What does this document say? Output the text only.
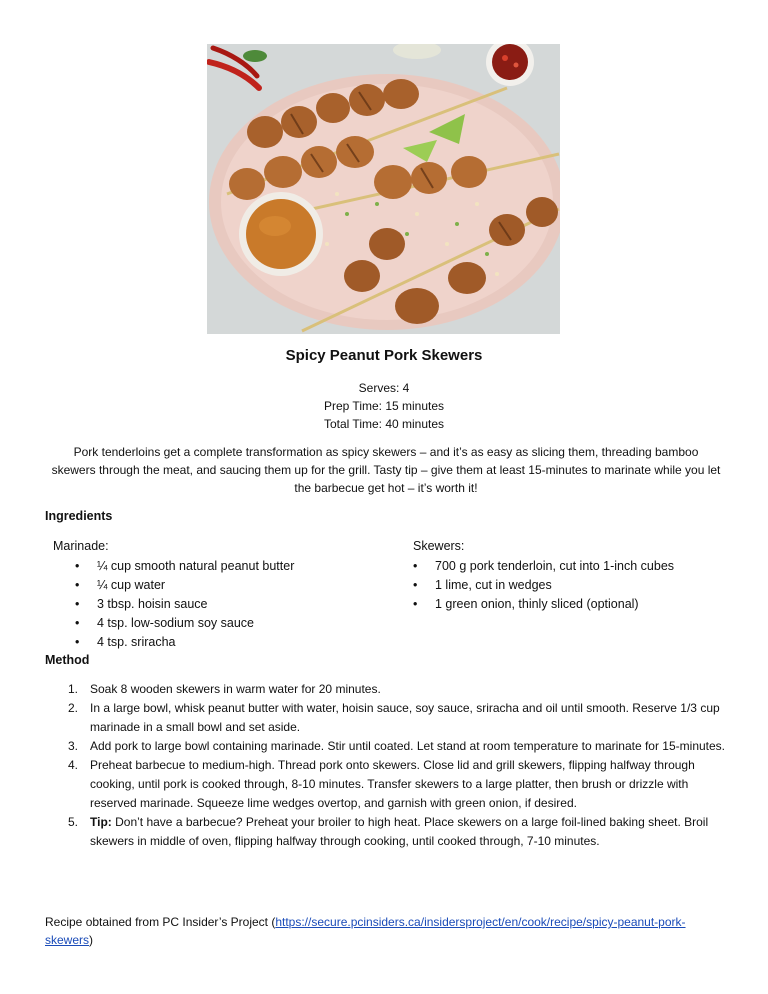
Spicy Peanut Pork Skewers
Serves: 4
Prep Time: 15 minutes
Total Time: 40 minutes
Pork tenderloins get a complete transformation as spicy skewers – and it’s as easy as slicing them, threading bamboo skewers through the meat, and saucing them up for the grill. Tasty tip – give them at least 15-minutes to marinate while you let the barbecue get hot – it’s worth it!
Ingredients
Marinade:
• ¼ cup smooth natural peanut butter
• ¼ cup water
• 3 tbsp. hoisin sauce
• 4 tsp. low-sodium soy sauce
• 4 tsp. sriracha
Skewers:
• 700 g pork tenderloin, cut into 1-inch cubes
• 1 lime, cut in wedges
• 1 green onion, thinly sliced (optional)
Method
1. Soak 8 wooden skewers in warm water for 20 minutes.
2. In a large bowl, whisk peanut butter with water, hoisin sauce, soy sauce, sriracha and oil until smooth. Reserve 1/3 cup marinade in a small bowl and set aside.
3. Add pork to large bowl containing marinade. Stir until coated. Let stand at room temperature to marinate for 15-minutes.
4. Preheat barbecue to medium-high. Thread pork onto skewers. Close lid and grill skewers, flipping halfway through cooking, until pork is cooked through, 8-10 minutes. Transfer skewers to a large platter, then brush or drizzle with reserved marinade. Squeeze lime wedges overtop, and garnish with green onion, if desired.
5. Tip: Don’t have a barbecue? Preheat your broiler to high heat. Place skewers on a large foil-lined baking sheet. Broil skewers in middle of oven, flipping halfway through cooking, until cooked through, 7-10 minutes.
Recipe obtained from PC Insider’s Project (https://secure.pcinsiders.ca/insidersproject/en/cook/recipe/spicy-peanut-pork-skewers)
